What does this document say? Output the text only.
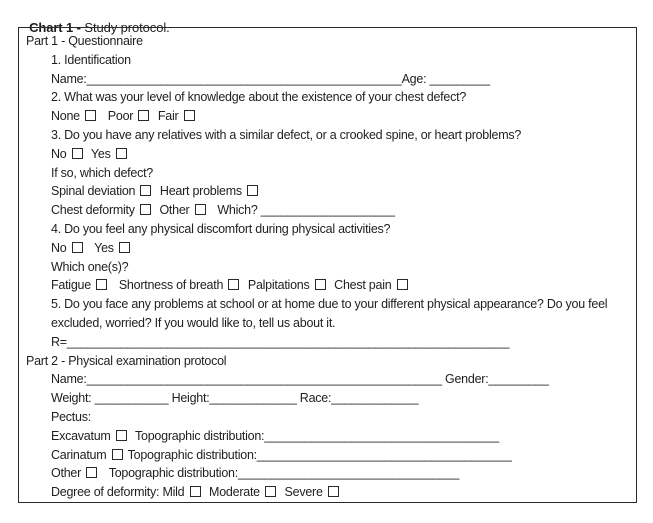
Chart 1 - Study protocol.

Part 1 - Questionnaire
1. Identification
Name:_______________________________________________Age: _________
2. What was your level of knowledge about the existence of your chest defect?
None    Poor   Fair
3. Do you have any relatives with a similar defect, or a crooked spine, or heart problems?
No   Yes
If so, which defect?
Spinal deviation   Heart problems
Chest deformity   Other    Which? ____________________
4. Do you feel any physical discomfort during physical activities?
No    Yes
Which one(s)?
Fatigue    Shortness of breath   Palpitations   Chest pain
5. Do you face any problems at school or at home due to your different physical appearance? Do you feel
excluded, worried? If you would like to, tell us about it.
R=__________________________________________________________________
Part 2 - Physical examination protocol
Name:_____________________________________________________ Gender:_________
Weight: ___________ Height:_____________ Race:_____________
Pectus:
Excavatum   Topographic distribution:___________________________________
Carinatum  Topographic distribution:______________________________________
Other    Topographic distribution:_________________________________
Degree of deformity: Mild   Moderate   Severe
